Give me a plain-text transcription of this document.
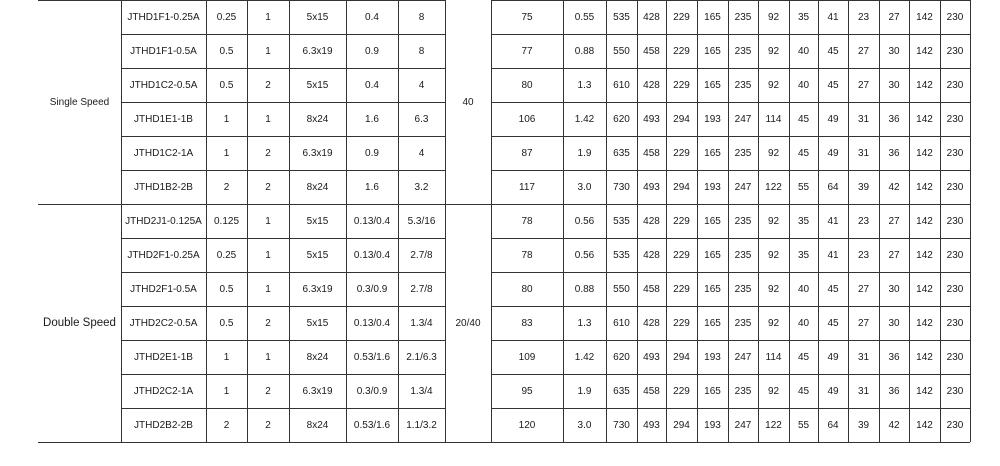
Single Speed	40
JTHD1F1-0.25A	0.25	1	5x15	0.4	8	75	0.55	535	428	229	165	235	92	35	41	23	27	142	230
JTHD1F1-0.5A	0.5	1	6.3x19	0.9	8	77	0.88	550	458	229	165	235	92	40	45	27	30	142	230
JTHD1C2-0.5A	0.5	2	5x15	0.4	4	80	1.3	610	428	229	165	235	92	40	45	27	30	142	230
JTHD1E1-1B	1	1	8x24	1.6	6.3	106	1.42	620	493	294	193	247	114	45	49	31	36	142	230
JTHD1C2-1A	1	2	6.3x19	0.9	4	87	1.9	635	458	229	165	235	92	45	49	31	36	142	230
JTHD1B2-2B	2	2	8x24	1.6	3.2	117	3.0	730	493	294	193	247	122	55	64	39	42	142	230
Double Speed	20/40
JTHD2J1-0.125A	0.125	1	5x15	0.13/0.4	5.3/16	78	0.56	535	428	229	165	235	92	35	41	23	27	142	230
JTHD2F1-0.25A	0.25	1	5x15	0.13/0.4	2.7/8	78	0.56	535	428	229	165	235	92	35	41	23	27	142	230
JTHD2F1-0.5A	0.5	1	6.3x19	0.3/0.9	2.7/8	80	0.88	550	458	229	165	235	92	40	45	27	30	142	230
JTHD2C2-0.5A	0.5	2	5x15	0.13/0.4	1.3/4	83	1.3	610	428	229	165	235	92	40	45	27	30	142	230
JTHD2E1-1B	1	1	8x24	0.53/1.6	2.1/6.3	109	1.42	620	493	294	193	247	114	45	49	31	36	142	230
JTHD2C2-1A	1	2	6.3x19	0.3/0.9	1.3/4	95	1.9	635	458	229	165	235	92	45	49	31	36	142	230
JTHD2B2-2B	2	2	8x24	0.53/1.6	1.1/3.2	120	3.0	730	493	294	193	247	122	55	64	39	42	142	230
